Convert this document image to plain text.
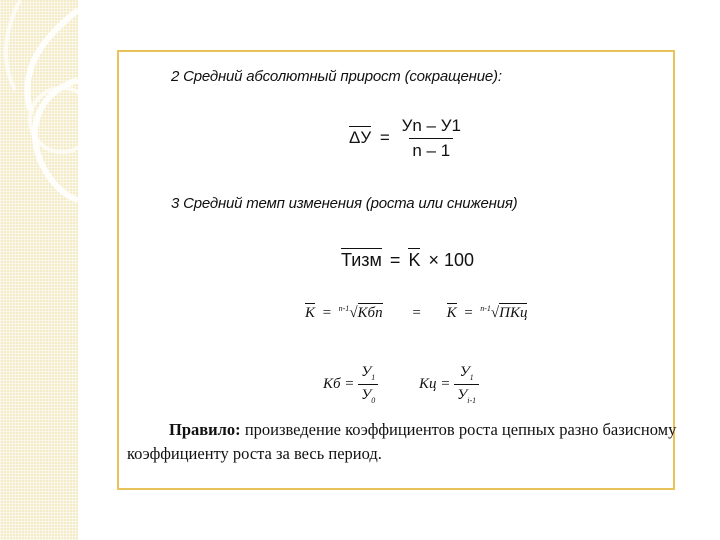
2 Средний абсолютный прирост (сокращение):
$\Delta У = \frac{Уn - У1}{n - 1}$
3 Средний темп изменения (роста или снижения)
Тизм = K × 100
K = $^{n-1}$√Kбn = K = $^{n-1}$√ΠKц
Kб = $\frac{У_1}{У_0}$	Kц = $\frac{У_1}{У_{i-1}}$
Правило: произведение коэффициентов роста цепных разно базисному
коэффициенту роста за весь период.
